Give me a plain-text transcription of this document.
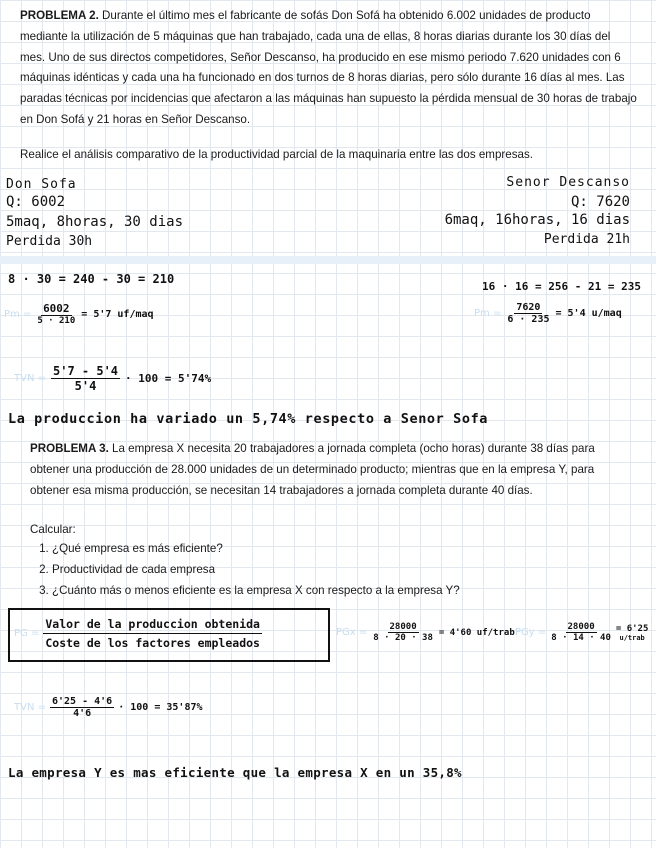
PROBLEMA 2. Durante el último mes el fabricante de sofás Don Sofá ha obtenido 6.002 unidades de producto mediante la utilización de 5 máquinas que han trabajado, cada una de ellas, 8 horas diarias durante los 30 días del mes. Uno de sus directos competidores, Señor Descanso, ha producido en ese mismo periodo 7.620 unidades con 6 máquinas idénticas y cada una ha funcionado en dos turnos de 8 horas diarias, pero sólo durante 16 días al mes. Las paradas técnicas por incidencias que afectaron a las máquinas han supuesto la pérdida mensual de 30 horas de trabajo en Don Sofá y 21 horas en Señor Descanso.
Realice el análisis comparativo de la productividad parcial de la maquinaria entre las dos empresas.
Don Sofa
Q: 6002
5maq, 8horas, 30 dias
Perdida 30h
Senor Descanso
Q: 7620
6maq, 16horas, 16 dias
Perdida 21h
8 · 30 = 240 - 30 = 210
16 · 16 = 256 - 21 = 235
$Pm = \frac{6002}{5 \cdot 210} = 5'7$ uf/maq	$Pm = \frac{7620}{6 \cdot 235} = 5'4$ u/maq
TVN = $\frac{5'7 - 5'4}{5'4} \cdot 100 = 5'74\%$
La produccion ha variado un 5,74% respecto a Senor Sofa
PROBLEMA 3. La empresa X necesita 20 trabajadores a jornada completa (ocho horas) durante 38 días para obtener una producción de 28.000 unidades de un determinado producto; mientras que en la empresa Y, para obtener esa misma producción, se necesitan 14 trabajadores a jornada completa durante 40 días.
Calcular:
1. ¿Qué empresa es más eficiente?
2. Productividad de cada empresa
3. ¿Cuánto más o menos eficiente es la empresa X con respecto a la empresa Y?
PG = $\frac{\text{Valor de la produccion obtenida}}{\text{Coste de los factores empleados}}$	PGx = $\frac{28000}{8 \cdot 20 \cdot 38} = 4'60$ uf/trab PGy = $\frac{28000}{8 \cdot 14 \cdot 40} = 6'25$
u/trab
TVN = $\frac{6'25 - 4'6}{4'6} \cdot 100 = 35'87\%$
La empresa Y es mas eficiente que la empresa X en un 35,8%
